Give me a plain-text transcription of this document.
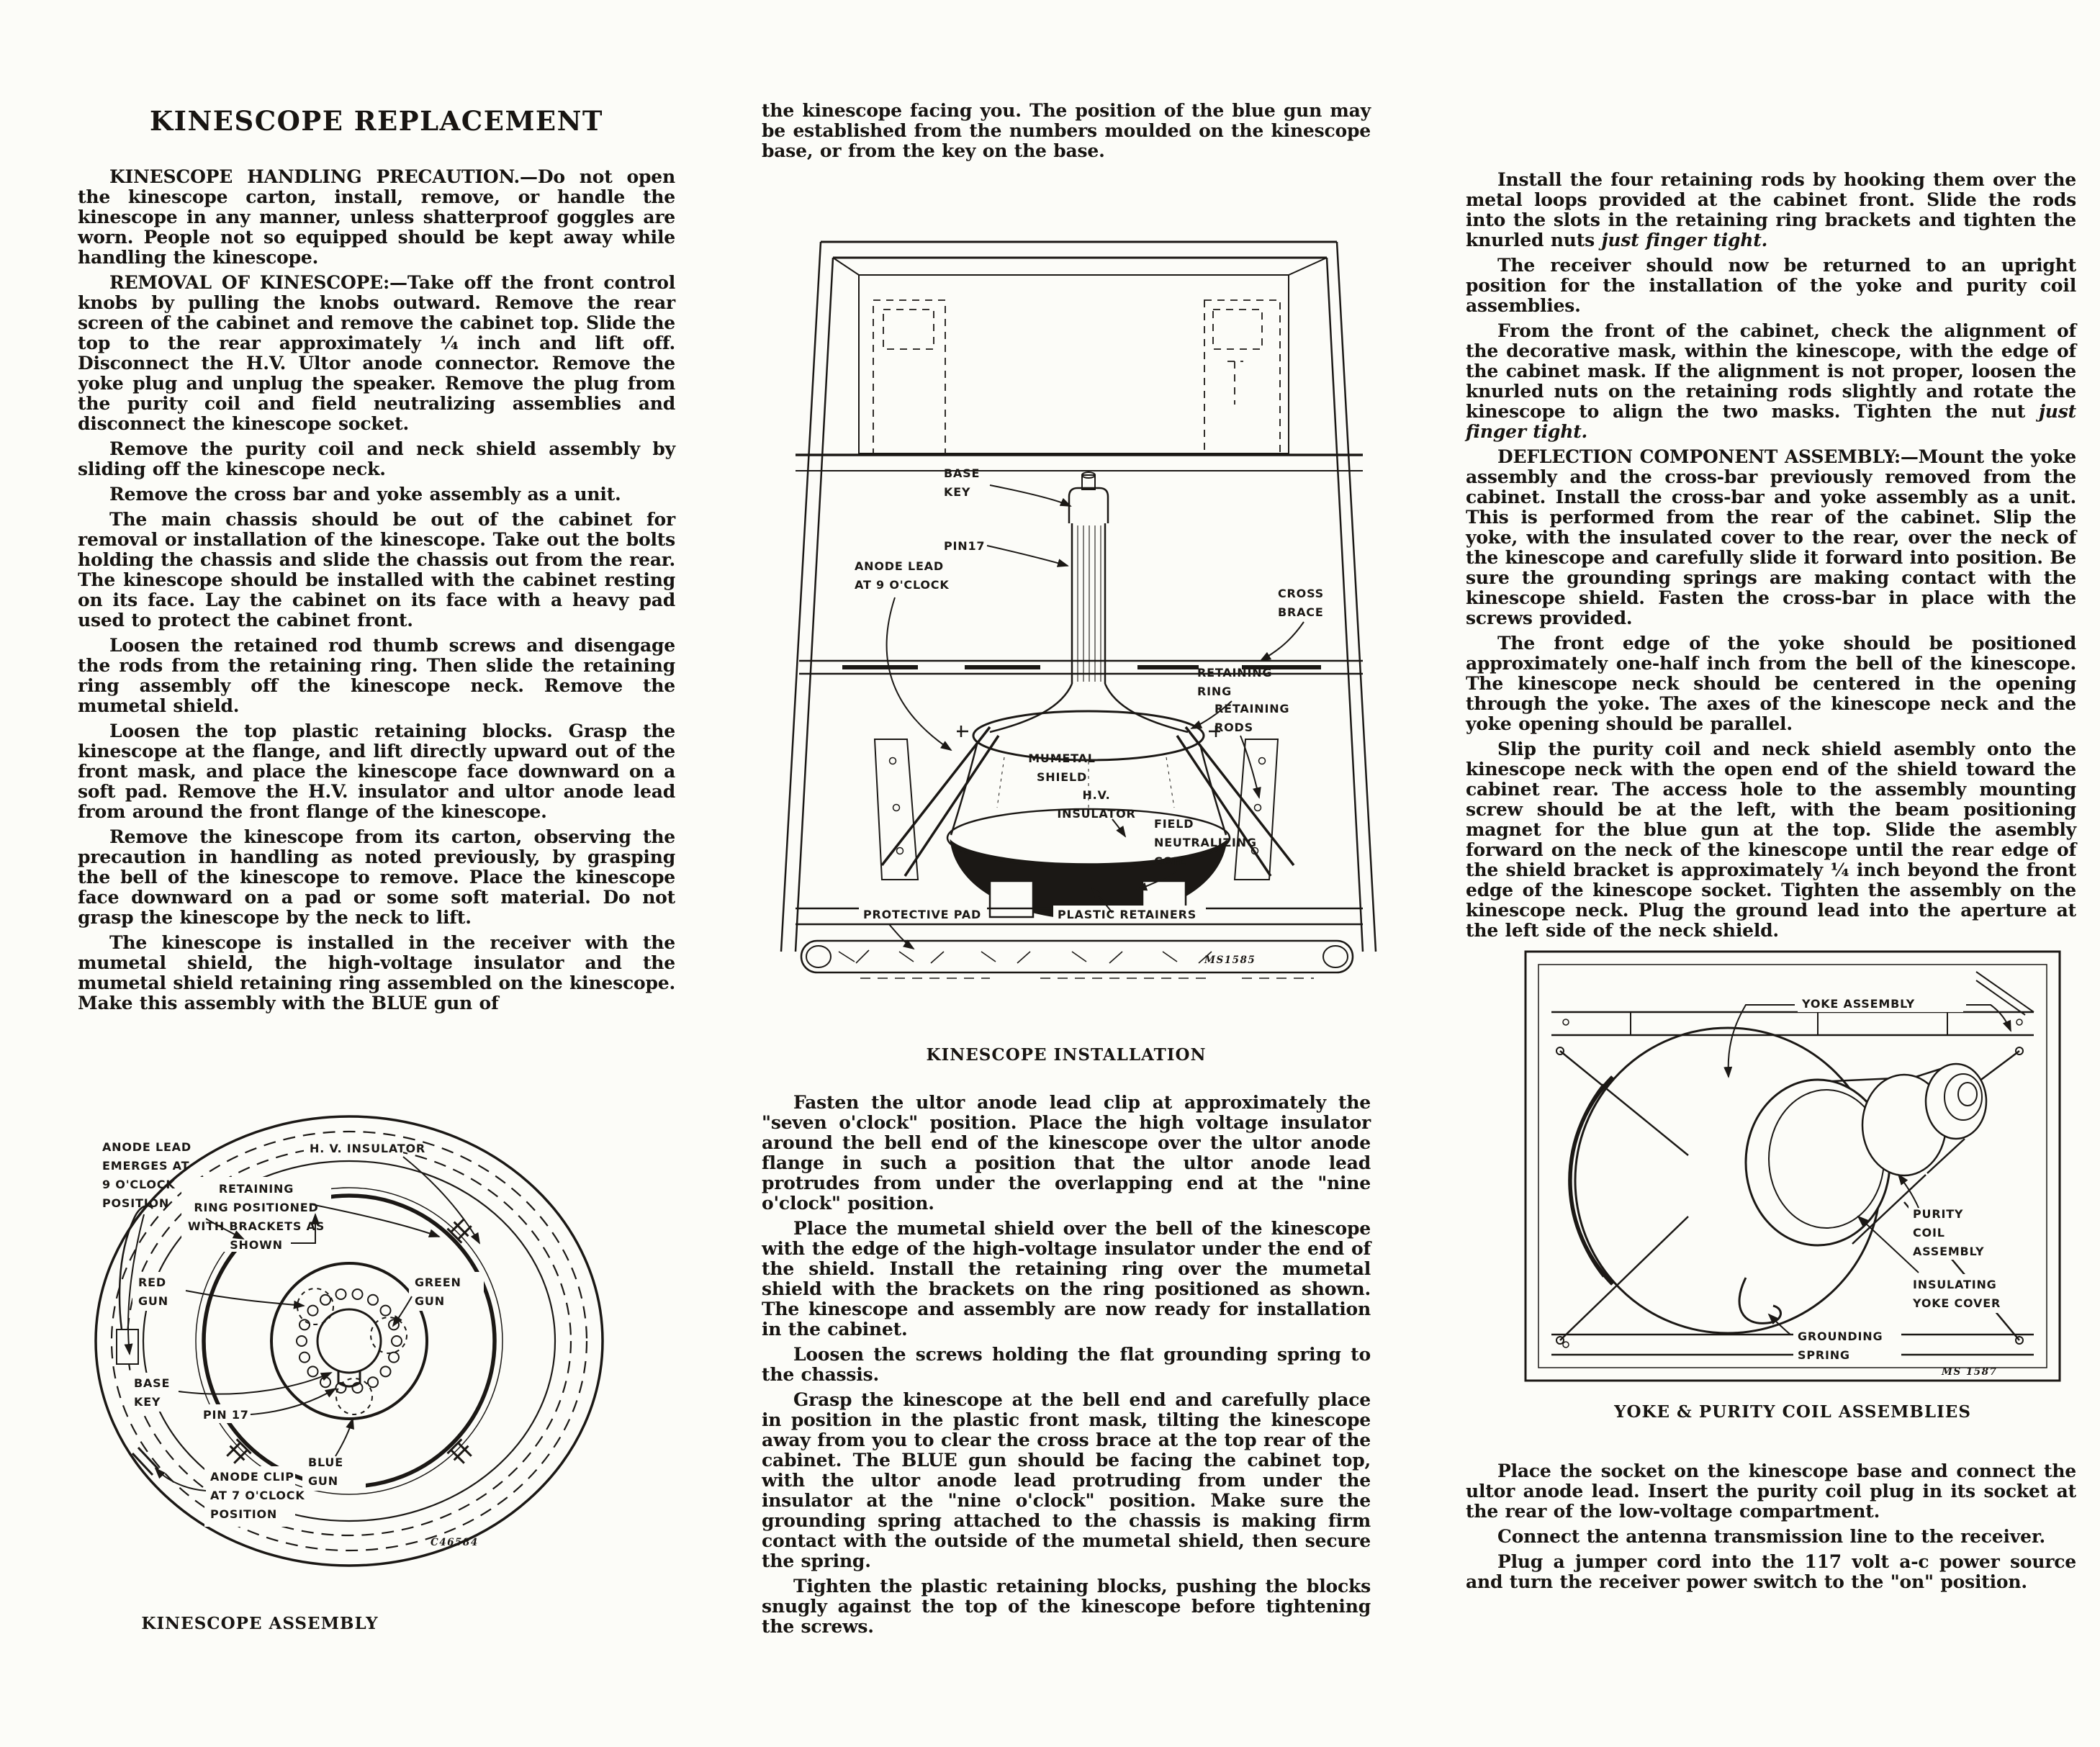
KINESCOPE REPLACEMENT

KINESCOPE HANDLING PRECAUTION.—Do not open the kinescope carton, install, remove, or handle the kinescope in any manner, unless shatterproof goggles are worn. People not so equipped should be kept away while handling the kinescope.

REMOVAL OF KINESCOPE:—Take off the front control knobs by pulling the knobs outward. Remove the rear screen of the cabinet and remove the cabinet top. Slide the top to the rear approximately ¼ inch and lift off. Disconnect the H.V. Ultor anode connector. Remove the yoke plug and unplug the speaker. Remove the plug from the purity coil and field neutralizing assemblies and disconnect the kinescope socket.

Remove the purity coil and neck shield assembly by sliding off the kinescope neck.

Remove the cross bar and yoke assembly as a unit.

The main chassis should be out of the cabinet for removal or installation of the kinescope. Take out the bolts holding the chassis and slide the chassis out from the rear. The kinescope should be installed with the cabinet resting on its face. Lay the cabinet on its face with a heavy pad used to protect the cabinet front.

Loosen the retained rod thumb screws and disengage the rods from the retaining ring. Then slide the retaining ring assembly off the kinescope neck. Remove the mumetal shield.

Loosen the top plastic retaining blocks. Grasp the kinescope at the flange, and lift directly upward out of the front mask, and place the kinescope face downward on a soft pad. Remove the H.V. insulator and ultor anode lead from around the front flange of the kinescope.

Remove the kinescope from its carton, observing the precaution in handling as noted previously, by grasping the bell of the kinescope to remove. Place the kinescope face downward on a pad or some soft material. Do not grasp the kinescope by the neck to lift.

The kinescope is installed in the receiver with the mumetal shield, the high-voltage insulator and the mumetal shield retaining ring assembled on the kinescope. Make this assembly with the BLUE gun of

ANODE LEAD EMERGES AT 9 O'CLOCK POSITION
H. V. INSULATOR
RETAINING RING POSITIONED WITH BRACKETS AS SHOWN
RED GUN
GREEN GUN
BASE KEY
PIN 17
BLUE GUN
ANODE CLIP AT 7 O'CLOCK POSITION
C46584
KINESCOPE ASSEMBLY

the kinescope facing you. The position of the blue gun may be established from the numbers moulded on the kinescope base, or from the key on the base.

BASE KEY
PIN17
ANODE LEAD AT 9 O'CLOCK
CROSS BRACE
RETAINING RING
MUMETAL SHIELD
RETAINING RODS
H.V. INSULATOR
FIELD NEUTRALIZING COIL
PROTECTIVE PAD	PLASTIC RETAINERS
MS1585
KINESCOPE INSTALLATION

Fasten the ultor anode lead clip at approximately the "seven o'clock" position. Place the high voltage insulator around the bell end of the kinescope over the ultor anode flange in such a position that the ultor anode lead protrudes from under the overlapping end at the "nine o'clock" position.

Place the mumetal shield over the bell of the kinescope with the edge of the high-voltage insulator under the end of the shield. Install the retaining ring over the mumetal shield with the brackets on the ring positioned as shown. The kinescope and assembly are now ready for installation in the cabinet.

Loosen the screws holding the flat grounding spring to the chassis.

Grasp the kinescope at the bell end and carefully place in position in the plastic front mask, tilting the kinescope away from you to clear the cross brace at the top rear of the cabinet. The BLUE gun should be facing the cabinet top, with the ultor anode lead protruding from under the insulator at the "nine o'clock" position. Make sure the grounding spring attached to the chassis is making firm contact with the outside of the mumetal shield, then secure the spring.

Tighten the plastic retaining blocks, pushing the blocks snugly against the top of the kinescope before tightening the screws.

Install the four retaining rods by hooking them over the metal loops provided at the cabinet front. Slide the rods into the slots in the retaining ring brackets and tighten the knurled nuts just finger tight.

The receiver should now be returned to an upright position for the installation of the yoke and purity coil assemblies.

From the front of the cabinet, check the alignment of the decorative mask, within the kinescope, with the edge of the cabinet mask. If the alignment is not proper, loosen the knurled nuts on the retaining rods slightly and rotate the kinescope to align the two masks. Tighten the nut just finger tight.

DEFLECTION COMPONENT ASSEMBLY:—Mount the yoke assembly and the cross-bar previously removed from the cabinet. Install the cross-bar and yoke assembly as a unit. This is performed from the rear of the cabinet. Slip the yoke, with the insulated cover to the rear, over the neck of the kinescope and carefully slide it forward into position. Be sure the grounding springs are making contact with the kinescope shield. Fasten the cross-bar in place with the screws provided.

The front edge of the yoke should be positioned approximately one-half inch from the bell of the kinescope. The kinescope neck should be centered in the opening through the yoke. The axes of the kinescope neck and the yoke opening should be parallel.

Slip the purity coil and neck shield asembly onto the kinescope neck with the open end of the shield toward the cabinet rear. The access hole to the assembly mounting screw should be at the left, with the beam positioning magnet for the blue gun at the top. Slide the asembly forward on the neck of the kinescope until the rear edge of the shield bracket is approximately ¼ inch beyond the front edge of the kinescope socket. Tighten the assembly on the kinescope neck. Plug the ground lead into the aperture at the left side of the neck shield.

YOKE ASSEMBLY
PURITY COIL ASSEMBLY
INSULATING YOKE COVER
GROUNDING SPRING
MS 1587
YOKE & PURITY COIL ASSEMBLIES

Place the socket on the kinescope base and connect the ultor anode lead. Insert the purity coil plug in its socket at the rear of the low-voltage compartment.

Connect the antenna transmission line to the receiver.

Plug a jumper cord into the 117 volt a-c power source and turn the receiver power switch to the "on" position.
